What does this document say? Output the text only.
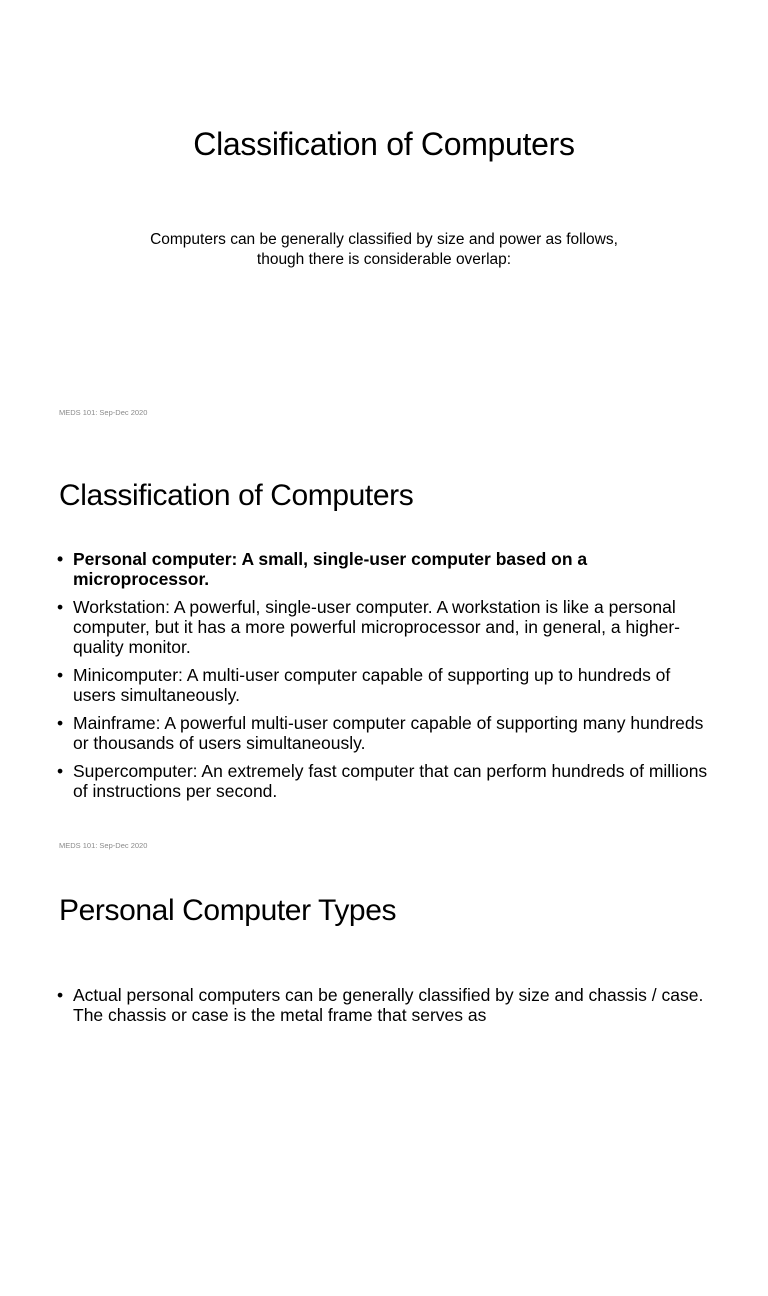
Classification of Computers

Computers can be generally classified by size and power as follows,
though there is considerable overlap:

MEDS 101: Sep-Dec 2020

Classification of Computers
• Personal computer: A small, single-user computer based on a microprocessor.
• Workstation: A powerful, single-user computer. A workstation is like a personal computer, but it has a more powerful microprocessor and, in general, a higher-quality monitor.
• Minicomputer: A multi-user computer capable of supporting up to hundreds of users simultaneously.
• Mainframe: A powerful multi-user computer capable of supporting many hundreds or thousands of users simultaneously.
• Supercomputer: An extremely fast computer that can perform hundreds of millions of instructions per second.

MEDS 101: Sep-Dec 2020

Personal Computer Types
• Actual personal computers can be generally classified by size and chassis / case. The chassis or case is the metal frame that serves as
